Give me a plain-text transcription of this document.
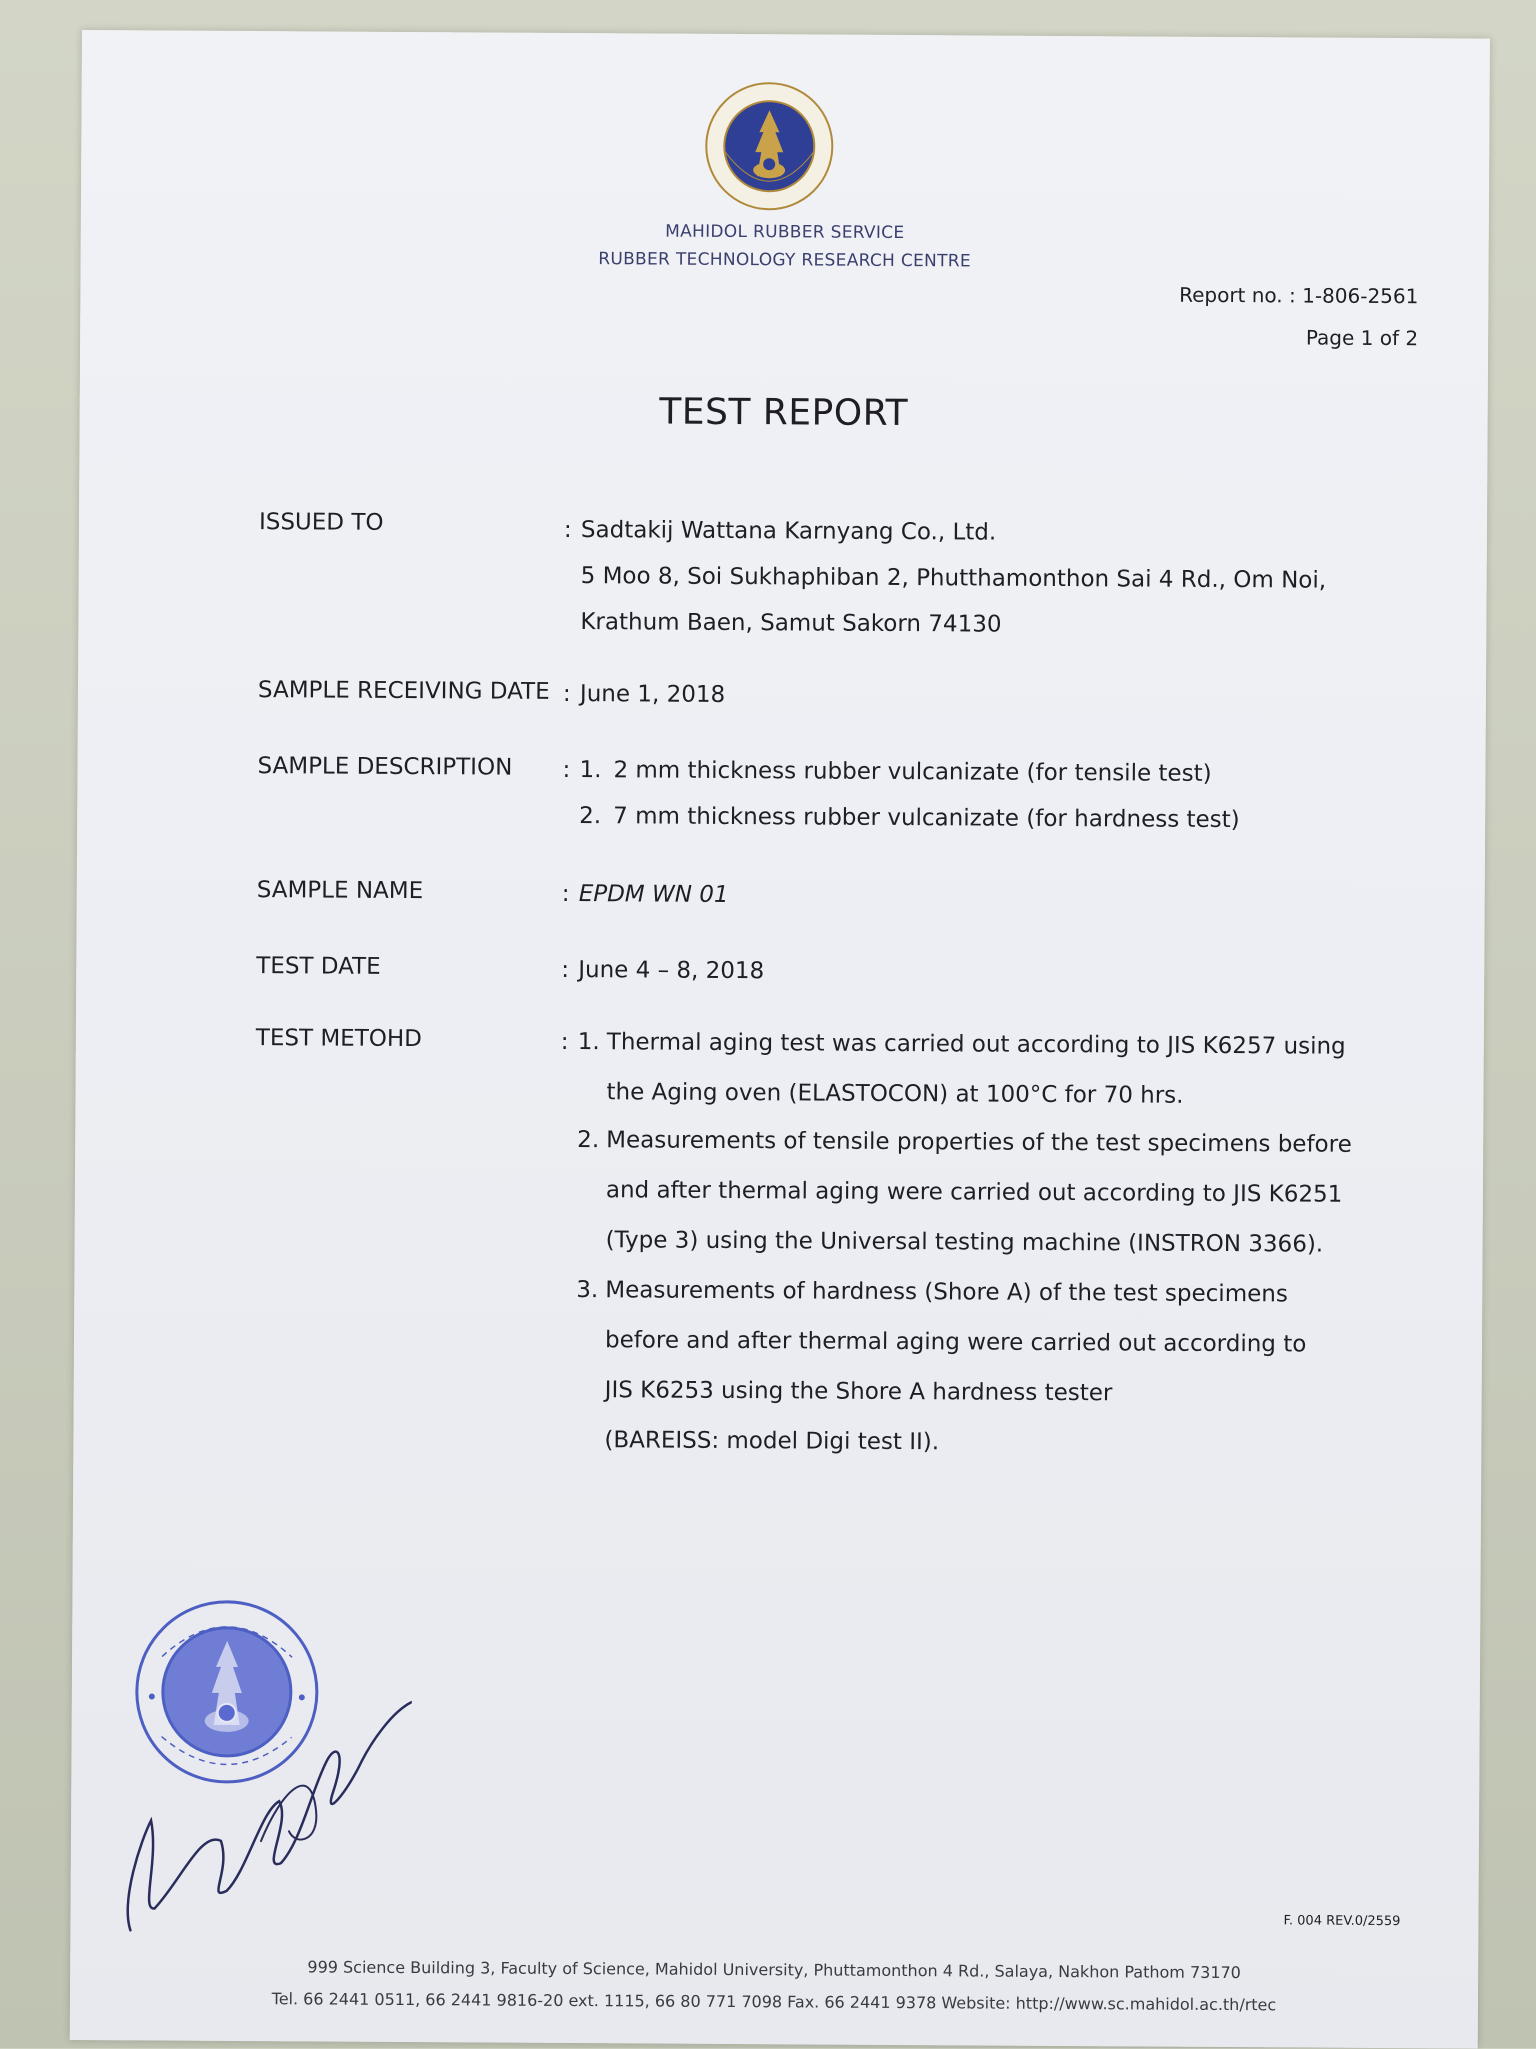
MAHIDOL RUBBER SERVICE
RUBBER TECHNOLOGY RESEARCH CENTRE
Report no. : 1-806-2561
Page 1 of 2
TEST REPORT
ISSUED TO	: Sadtakij Wattana Karnyang Co., Ltd.
5 Moo 8, Soi Sukhaphiban 2, Phutthamonthon Sai 4 Rd., Om Noi,
Krathum Baen, Samut Sakorn 74130
SAMPLE RECEIVING DATE : June 1, 2018
SAMPLE DESCRIPTION : 1. 2 mm thickness rubber vulcanizate (for tensile test)
2. 7 mm thickness rubber vulcanizate (for hardness test)
SAMPLE NAME	: EPDM WN 01
TEST DATE	: June 4 – 8, 2018
TEST METOHD	: 1. Thermal aging test was carried out according to JIS K6257 using
the Aging oven (ELASTOCON) at 100°C for 70 hrs.
2. Measurements of tensile properties of the test specimens before
and after thermal aging were carried out according to JIS K6251
(Type 3) using the Universal testing machine (INSTRON 3366).
3. Measurements of hardness (Shore A) of the test specimens
before and after thermal aging were carried out according to
JIS K6253 using the Shore A hardness tester
(BAREISS: model Digi test II).
F. 004 REV.0/2559
999 Science Building 3, Faculty of Science, Mahidol University, Phuttamonthon 4 Rd., Salaya, Nakhon Pathom 73170
Tel. 66 2441 0511, 66 2441 9816-20 ext. 1115, 66 80 771 7098 Fax. 66 2441 9378 Website: http://www.sc.mahidol.ac.th/rtec
